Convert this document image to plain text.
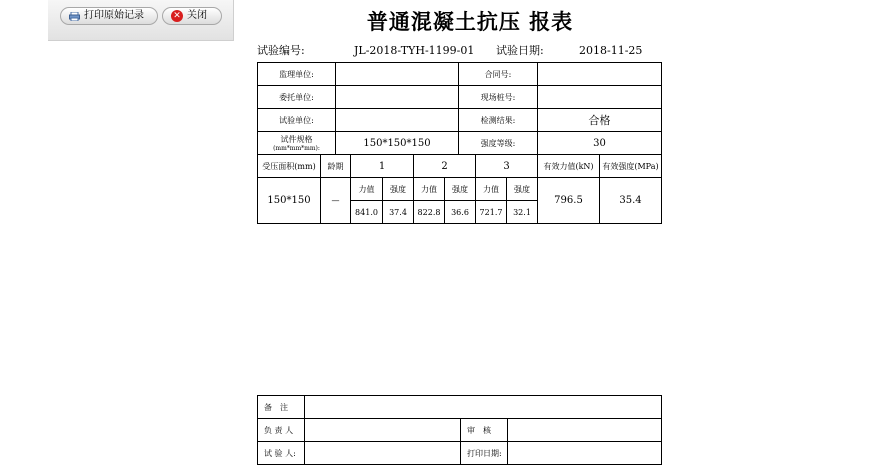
打印原始记录	✕ 关闭	普通混凝土抗压 报表
试验编号:	JL-2018-TYH-1199-01 试验日期:	2018-11-25
监理单位:		合同号:	
委托单位:		现场桩号:	
试验单位:		检测结果:	合格
试件规格
(mm*mm*mm):	150*150*150	强度等级:	30
受压面积(mm)	龄期	1		2		3		有效力值(kN)	有效强度(MPa)
150*150	—	力值	强度	力值	强度	力值	强度	796.5	35.4
		841.0	37.4	822.8	36.6	721.7	32.1		
备　注			
负 责 人		审　核	
试 验 人:		打印日期:	
